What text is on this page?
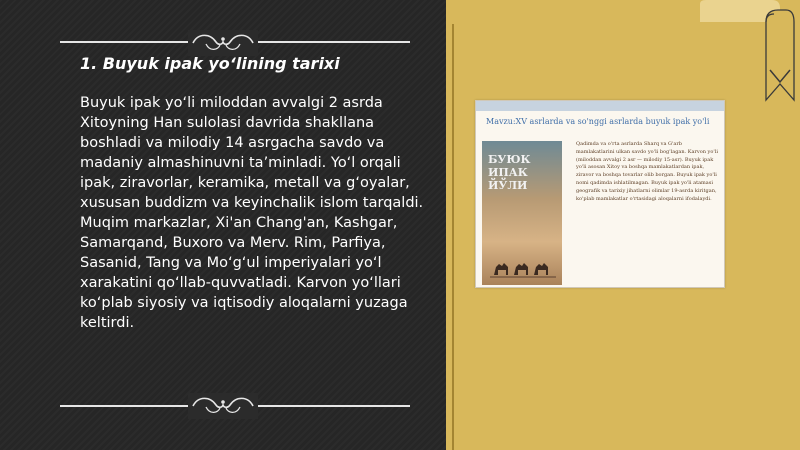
1. Buyuk ipak yo‘lining tarixi

Buyuk ipak yo‘li miloddan avvalgi 2 asrda Xitoyning Han sulolasi davrida shakllana boshladi va milodiy 14 asrgacha savdo va madaniy almashinuvni ta’minladi. Yo‘l orqali ipak, ziravorlar, keramika, metall va g‘oyalar, xususan buddizm va keyinchalik islom tarqaldi. Muqim markazlar, Xi'an Chang'an, Kashgar, Samarqand, Buxoro va Merv. Rim, Parfiya, Sasanid, Tang va Mo‘g‘ul imperiyalari yo‘l xarakatini qo‘llab-quvvatladi. Karvon yo‘llari ko‘plab siyosiy va iqtisodiy aloqalarni yuzaga keltirdi.

Mavzu:XV asrlarda va so'nggi asrlarda buyuk ipak yo'li

БУЮК ИПАК ЙЎЛИ

Qadimda va o'rta asrlarda Sharq va G'arb mamlakatlarini ulkan savdo yo'li bog'lagan. Karvon yo'li (miloddan avvalgi 2 asr — milodiy 15-asr). Buyuk ipak yo'li asosan Xitoy va boshqa mamlakatlardan ipak, ziravor va boshqa tovarlar olib borgan. Buyuk ipak yo'li nomi qadimda ishlatilmagan. Buyuk ipak yo'li atamasi geografik va tarixiy jihatlarni olimlar 19-asrda kiritgan, ko'plab mamlakatlar o'rtasidagi aloqalarni ifodalaydi.
